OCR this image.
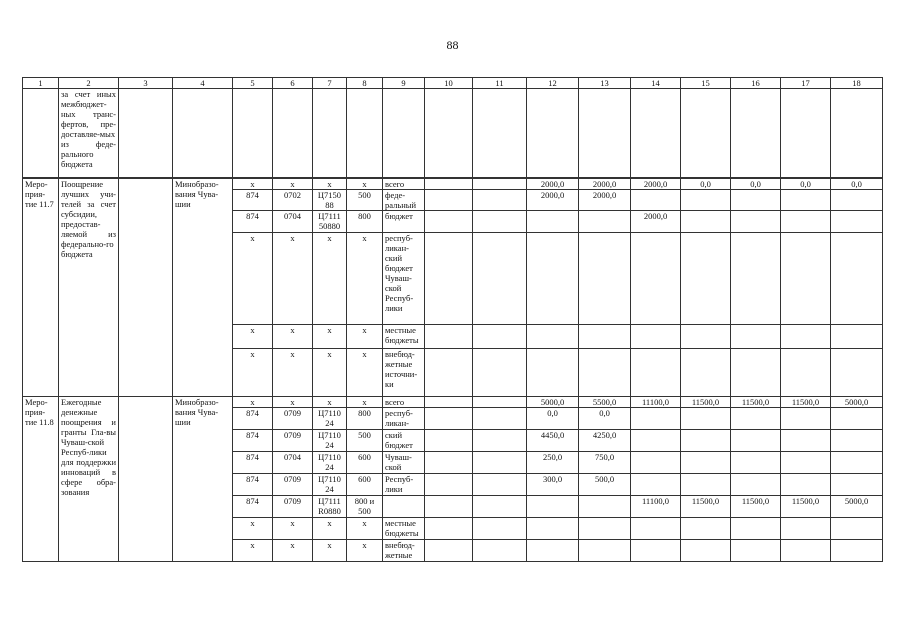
88
1	2	3	4	5	6	7	8	9	10	11	12	13	14	15	16	17	18
	за счет иных межбюджет-ных транс-фертов, пре-доставляе-мых из феде-рального бюджета																
Меро-прия-тие 11.7	Поощрение лучших учи-телей за счет субсидии, предостав-ляемой из федерально-го бюджета		Минобразо-вания Чува-шии	x	x	x	x	всего			2000,0	2000,0	2000,0	0,0	0,0	0,0	0,0
				874	0702	Ц7150 88	500	феде-ральный			2000,0	2000,0					
				874	0704	Ц7111 50880	800	бюджет					2000,0				
				x	x	x	x	респуб-ликан-ский бюджет Чуваш-ской Респуб-лики									
				x	x	x	x	местные бюджеты									
				x	x	x	x	внебюд-жетные источни-ки									
Меро-прия-тие 11.8	Ежегодные денежные поощрения и гранты Гла-вы Чуваш-ской Респуб-лики для поддержки инноваций в сфере обра-зования		Минобразо-вания Чува-шии	x	x	x	x	всего			5000,0	5500,0	11100,0	11500,0	11500,0	11500,0	5000,0
				874	0709	Ц7110 24	800	респуб-ликан-			0,0	0,0					
				874	0709	Ц7110 24	500	ский бюджет			4450,0	4250,0					
				874	0704	Ц7110 24	600	Чуваш-ской			250,0	750,0					
				874	0709	Ц7110 24	600	Респуб-лики			300,0	500,0					
				874	0709	Ц7111 R0880	800 и 500						11100,0	11500,0	11500,0	11500,0	5000,0
				x	x	x	x	местные бюджеты									
				x	x	x	x	внебюд-жетные									
